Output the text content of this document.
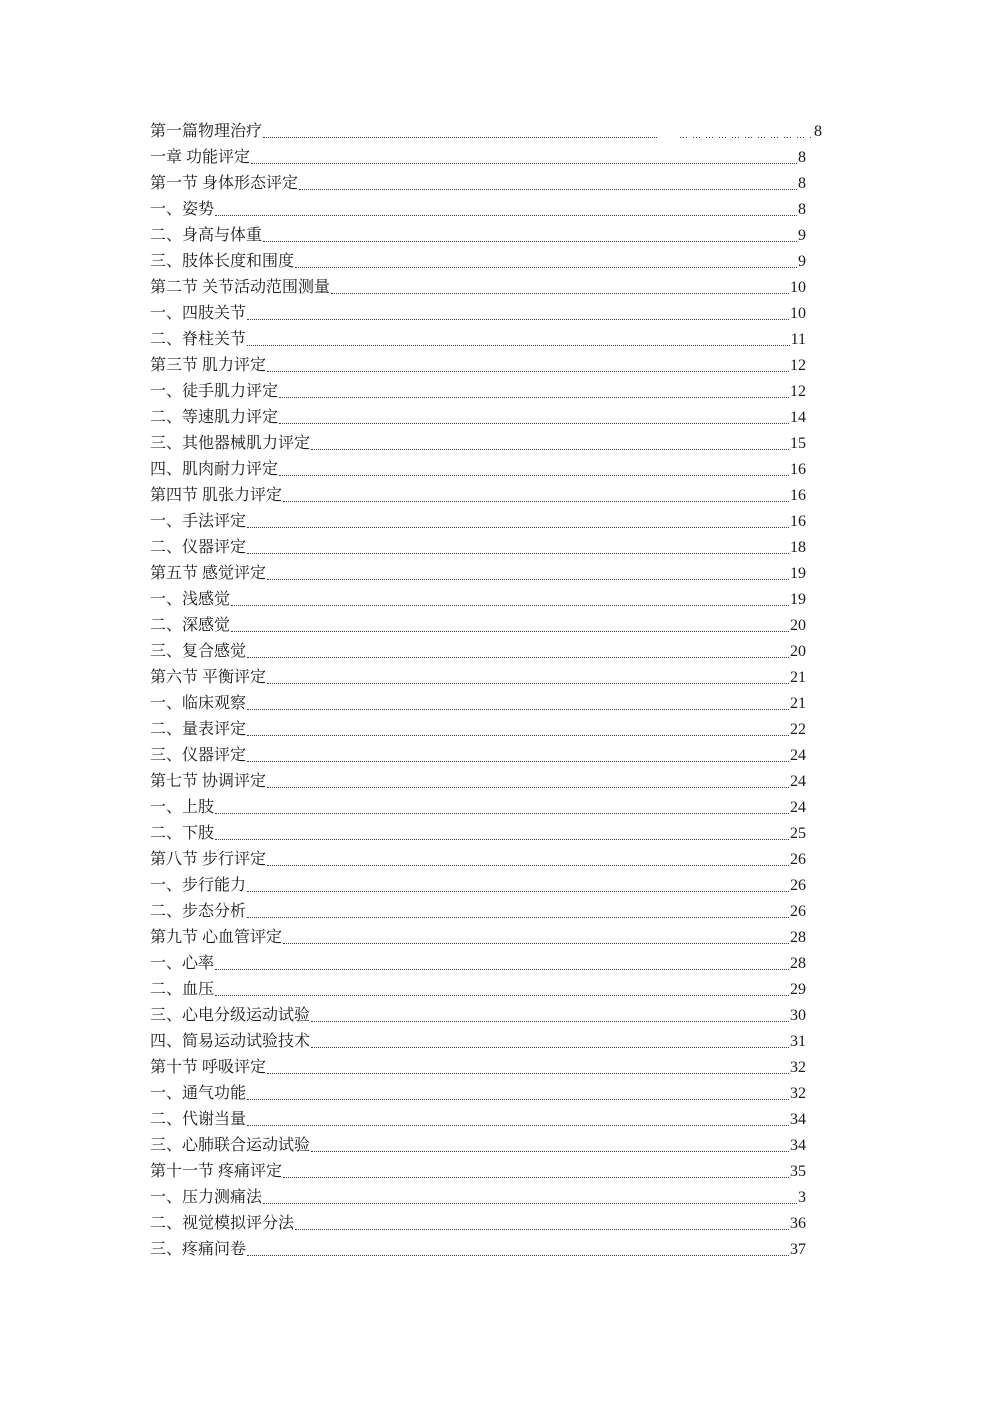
第一篇物理治疗	8
一章 功能评定	8
第一节 身体形态评定	8
一、姿势	8
二、身高与体重	9
三、肢体长度和围度	9
第二节 关节活动范围测量	10
一、四肢关节	10
二、脊柱关节	11
第三节 肌力评定	12
一、徒手肌力评定	12
二、等速肌力评定	14
三、其他器械肌力评定	15
四、肌肉耐力评定	16
第四节 肌张力评定	16
一、手法评定	16
二、仪器评定	18
第五节 感觉评定	19
一、浅感觉	19
二、深感觉	20
三、复合感觉	20
第六节 平衡评定	21
一、临床观察	21
二、量表评定	22
三、仪器评定	24
第七节 协调评定	24
一、上肢	24
二、下肢	25
第八节 步行评定	26
一、步行能力	26
二、步态分析	26
第九节 心血管评定	28
一、心率	28
二、血压	29
三、心电分级运动试验	30
四、简易运动试验技术	31
第十节 呼吸评定	32
一、通气功能	32
二、代谢当量	34
三、心肺联合运动试验	34
第十一节 疼痛评定	35
一、压力测痛法	3
二、视觉模拟评分法	36
三、疼痛问卷	37
